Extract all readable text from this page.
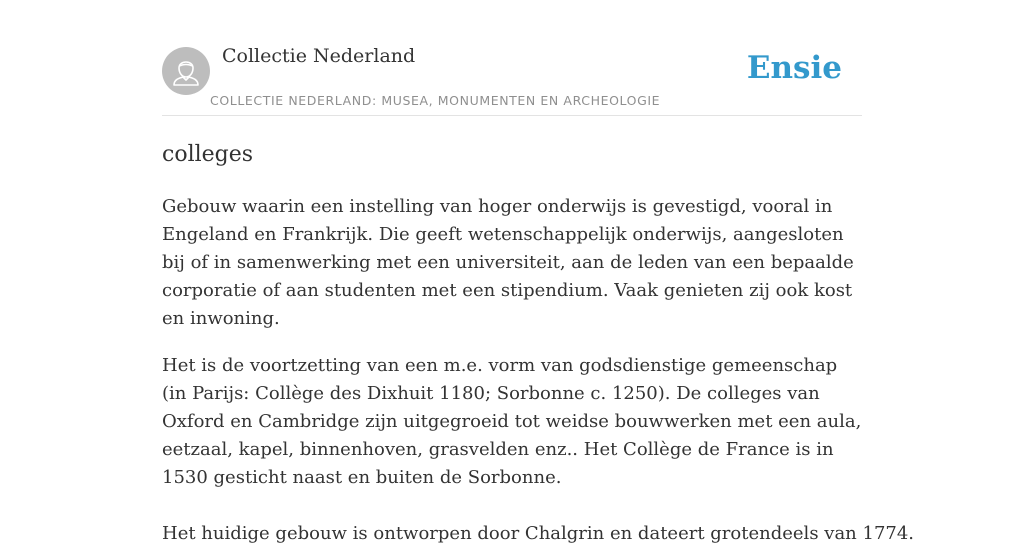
Collectie Nederland
COLLECTIE NEDERLAND: MUSEA, MONUMENTEN EN ARCHEOLOGIE
Ensie
colleges

Gebouw waarin een instelling van hoger onderwijs is gevestigd, vooral in Engeland en Frankrijk. Die geeft wetenschappelijk onderwijs, aangesloten bij of in samenwerking met een universiteit, aan de leden van een bepaalde corporatie of aan studenten met een stipendium. Vaak genieten zij ook kost en inwoning.

Het is de voortzetting van een m.e. vorm van godsdienstige gemeenschap (in Parijs: Collège des Dixhuit 1180; Sorbonne c. 1250). De colleges van Oxford en Cambridge zijn uitgegroeid tot weidse bouwwerken met een aula, eetzaal, kapel, binnenhoven, grasvelden enz.. Het Collège de France is in 1530 gesticht naast en buiten de Sorbonne.

Het huidige gebouw is ontworpen door Chalgrin en dateert grotendeels van 1774.
